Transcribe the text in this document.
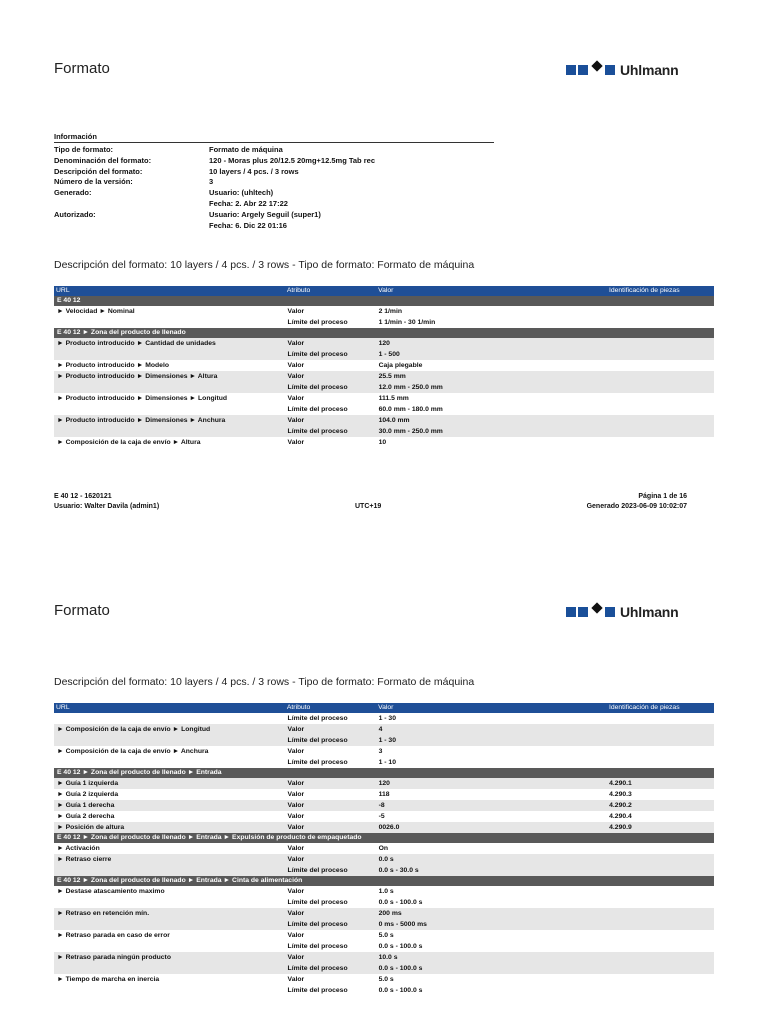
Formato	Uhlmann
Información
Tipo de formato:	Formato de máquina
Denominación del formato:	120 - Moras plus 20/12.5 20mg+12.5mg Tab rec
Descripción del formato:	10 layers / 4 pcs. / 3 rows
Número de la versión:	3
Generado:	Usuario: (uhltech)
Fecha: 2. Abr 22 17:22
Autorizado:	Usuario: Argely Seguil (super1)
Fecha: 6. Dic 22 01:16
Descripción del formato: 10 layers / 4 pcs. / 3 rows - Tipo de formato: Formato de máquina
URL	Atributo	Valor	Identificación de piezas
E 40 12
► Velocidad ► Nominal	Valor	2 1/min
Límite del proceso	1 1/min - 30 1/min
E 40 12 ► Zona del producto de llenado
► Producto introducido ► Cantidad de unidades	Valor	120
Límite del proceso	1 - 500
► Producto introducido ► Modelo	Valor	Caja plegable
► Producto introducido ► Dimensiones ► Altura	Valor	25.5 mm
Límite del proceso	12.0 mm - 250.0 mm
► Producto introducido ► Dimensiones ► Longitud	Valor	111.5 mm
Límite del proceso	60.0 mm - 180.0 mm
► Producto introducido ► Dimensiones ► Anchura	Valor	104.0 mm
Límite del proceso	30.0 mm - 250.0 mm
► Composición de la caja de envío ► Altura	Valor	10
E 40 12 - 1620121
Usuario: Walter Davila (admin1)	UTC+19
Página 1 de 16
Generado 2023-06-09 10:02:07
Formato	Uhlmann
Descripción del formato: 10 layers / 4 pcs. / 3 rows - Tipo de formato: Formato de máquina
URL	Atributo	Valor	Identificación de piezas
Límite del proceso	1 - 30
► Composición de la caja de envío ► Longitud	Valor	4
Límite del proceso	1 - 30
► Composición de la caja de envío ► Anchura	Valor	3
Límite del proceso	1 - 10
E 40 12 ► Zona del producto de llenado ► Entrada
► Guía 1 izquierda	Valor	120	4.290.1
► Guía 2 izquierda	Valor	118	4.290.3
► Guía 1 derecha	Valor	-8	4.290.2
► Guía 2 derecha	Valor	-5	4.290.4
► Posición de altura	Valor	0026.0	4.290.9
E 40 12 ► Zona del producto de llenado ► Entrada ► Expulsión de producto de empaquetado
► Activación	Valor	On
► Retraso cierre	Valor	0.0 s
Límite del proceso	0.0 s - 30.0 s
E 40 12 ► Zona del producto de llenado ► Entrada ► Cinta de alimentación
► Destase atascamiento maximo	Valor	1.0 s
Límite del proceso	0.0 s - 100.0 s
► Retraso en retención mín.	Valor	200 ms
Límite del proceso	0 ms - 5000 ms
► Retraso parada en caso de error	Valor	5.0 s
Límite del proceso	0.0 s - 100.0 s
► Retraso parada ningún producto	Valor	10.0 s
Límite del proceso	0.0 s - 100.0 s
► Tiempo de marcha en inercia	Valor	5.0 s
Límite del proceso	0.0 s - 100.0 s
